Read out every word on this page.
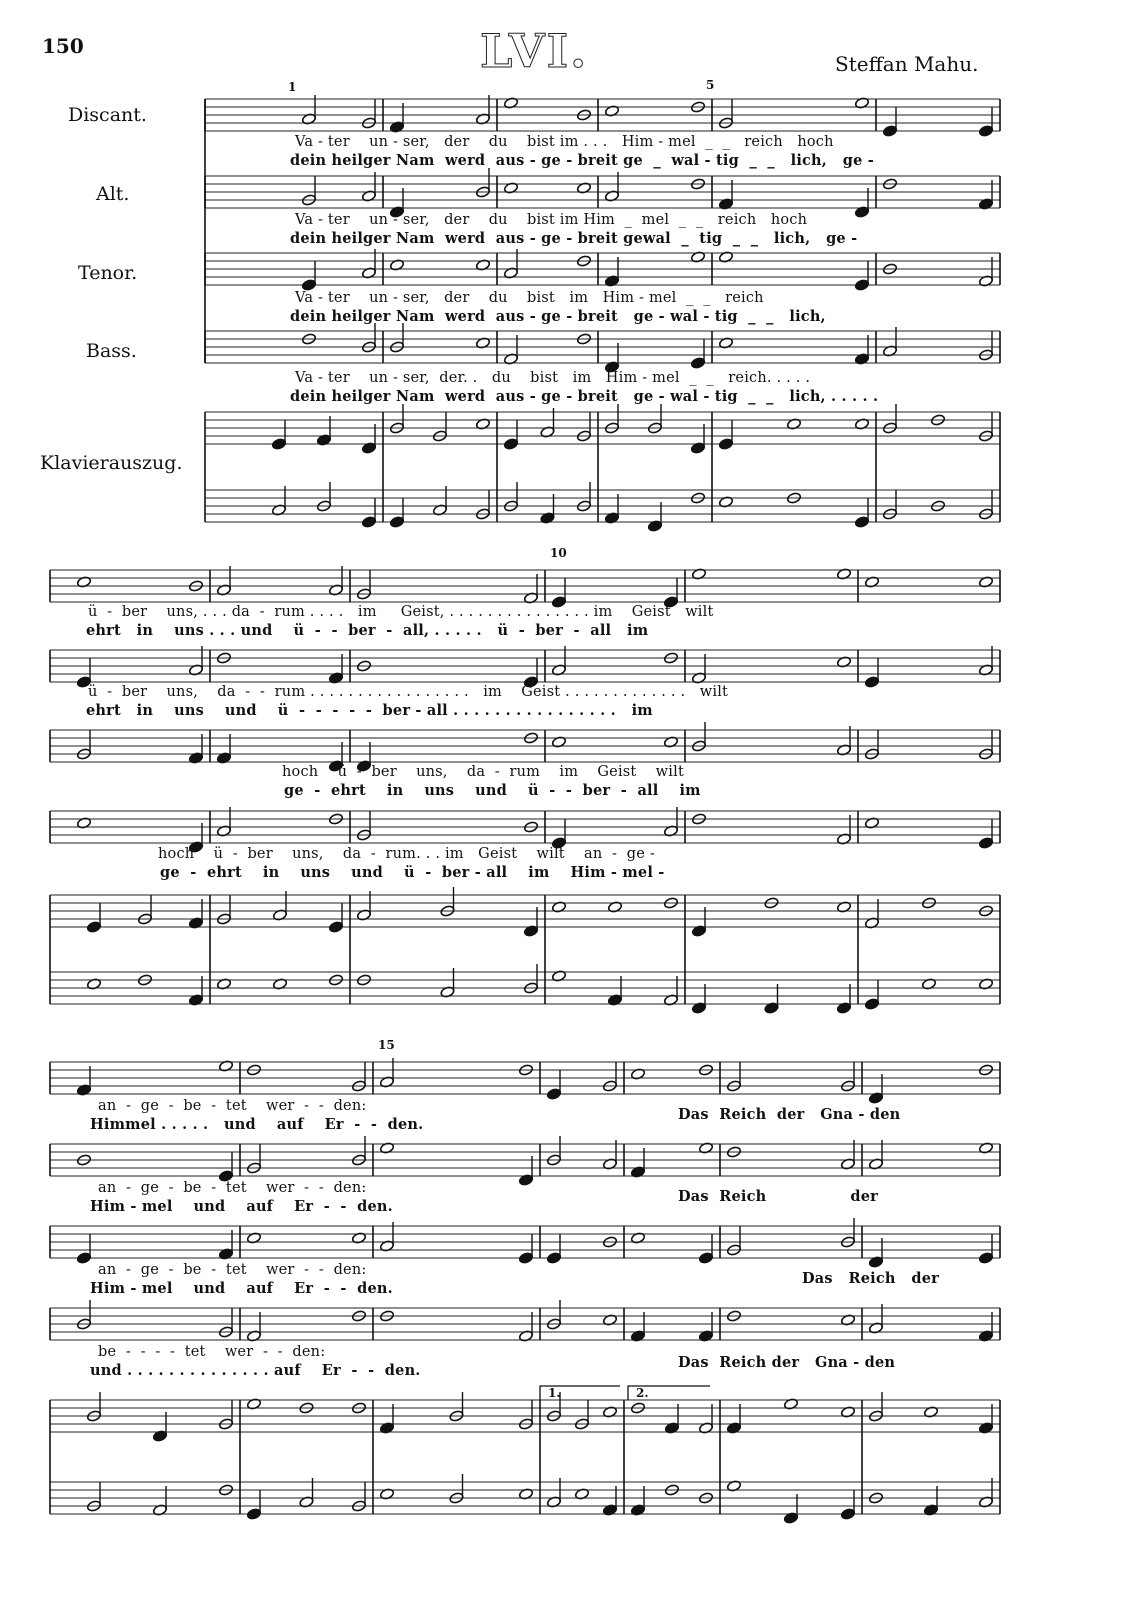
150	LVI.	Steffan Mahu.
Discant.
Alt.
Tenor.
Bass.
Klavierauszug.
1	5
10
15
1.	2.
Va - ter    un - ser,   der    du    bist im . . .   Him - mel  _  _   reich   hoch
dein heilger Nam  werd  aus - ge - breit ge  _  wal - tig  _  _   lich,   ge -
Va - ter    un - ser,   der    du    bist im Him  _  mel  _  _   reich   hoch
dein heilger Nam  werd  aus - ge - breit gewal  _  tig  _  _   lich,   ge -
Va - ter    un - ser,   der    du    bist   im   Him - mel  _  _   reich
dein heilger Nam  werd  aus - ge - breit   ge - wal - tig  _  _   lich,
Va - ter    un - ser,  der. .   du    bist   im   Him - mel  _  _   reich. . . . .
dein heilger Nam  werd  aus - ge - breit   ge - wal - tig  _  _   lich, . . . . .
ü  -  ber    uns, . . . da  -  rum . . . .   im     Geist, . . . . . . . . . . . . . . . im    Geist   wilt
ehrt   in    uns . . . und    ü  -  -  ber  -  all, . . . . .   ü  -  ber  -  all   im
ü  -  ber    uns,    da  -  -  rum . . . . . . . . . . . . . . . . .   im    Geist . . . . . . . . . . . . .   wilt
ehrt   in    uns    und    ü  -  -  -  -  -  ber - all . . . . . . . . . . . . . . . .   im
hoch    ü  -  ber    uns,    da  -  rum    im    Geist    wilt
ge  -  ehrt    in    uns    und    ü  -  -  ber  -  all    im
hoch    ü  -  ber    uns,    da  -  rum. . . im   Geist    wilt    an  -  ge -
ge  -  ehrt    in    uns    und    ü  -  ber - all    im    Him - mel -
an  -  ge  -  be  -  tet    wer  -  -  den:
Himmel . . . . .   und    auf    Er  -  -  den.
Das  Reich  der   Gna - den
an  -  ge  -  be  -  tet    wer  -  -  den:
Him - mel    und    auf    Er  -  -  den.
Das  Reich                der
an  -  ge  -  be  -  tet    wer  -  -  den:
Him - mel    und    auf    Er  -  -  den.
Das   Reich   der
be  -  -  -  -  tet    wer  -  -  den:
und . . . . . . . . . . . . . . auf    Er  -  -  den.	Das  Reich der   Gna - den
